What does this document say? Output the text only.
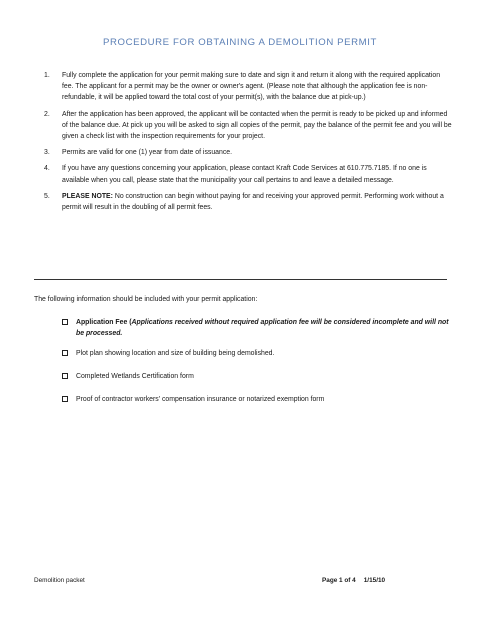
PROCEDURE FOR OBTAINING A DEMOLITION PERMIT
1. Fully complete the application for your permit making sure to date and sign it and return it along with the required application fee. The applicant for a permit may be the owner or owner's agent. (Please note that although the application fee is non-refundable, it will be applied toward the total cost of your permit(s), with the balance due at pick-up.)
2. After the application has been approved, the applicant will be contacted when the permit is ready to be picked up and informed of the balance due. At pick up you will be asked to sign all copies of the permit, pay the balance of the permit fee and you will be given a check list with the inspection requirements for your project.
3. Permits are valid for one (1) year from date of issuance.
4. If you have any questions concerning your application, please contact Kraft Code Services at 610.775.7185. If no one is available when you call, please state that the municipality your call pertains to and leave a detailed message.
5. PLEASE NOTE: No construction can begin without paying for and receiving your approved permit. Performing work without a permit will result in the doubling of all permit fees.
The following information should be included with your permit application:
Application Fee (Applications received without required application fee will be considered incomplete and will not be processed.
Plot plan showing location and size of building being demolished.
Completed Wetlands Certification form
Proof of contractor workers' compensation insurance or notarized exemption form
Demolition packet	Page 1 of 4 1/15/10
